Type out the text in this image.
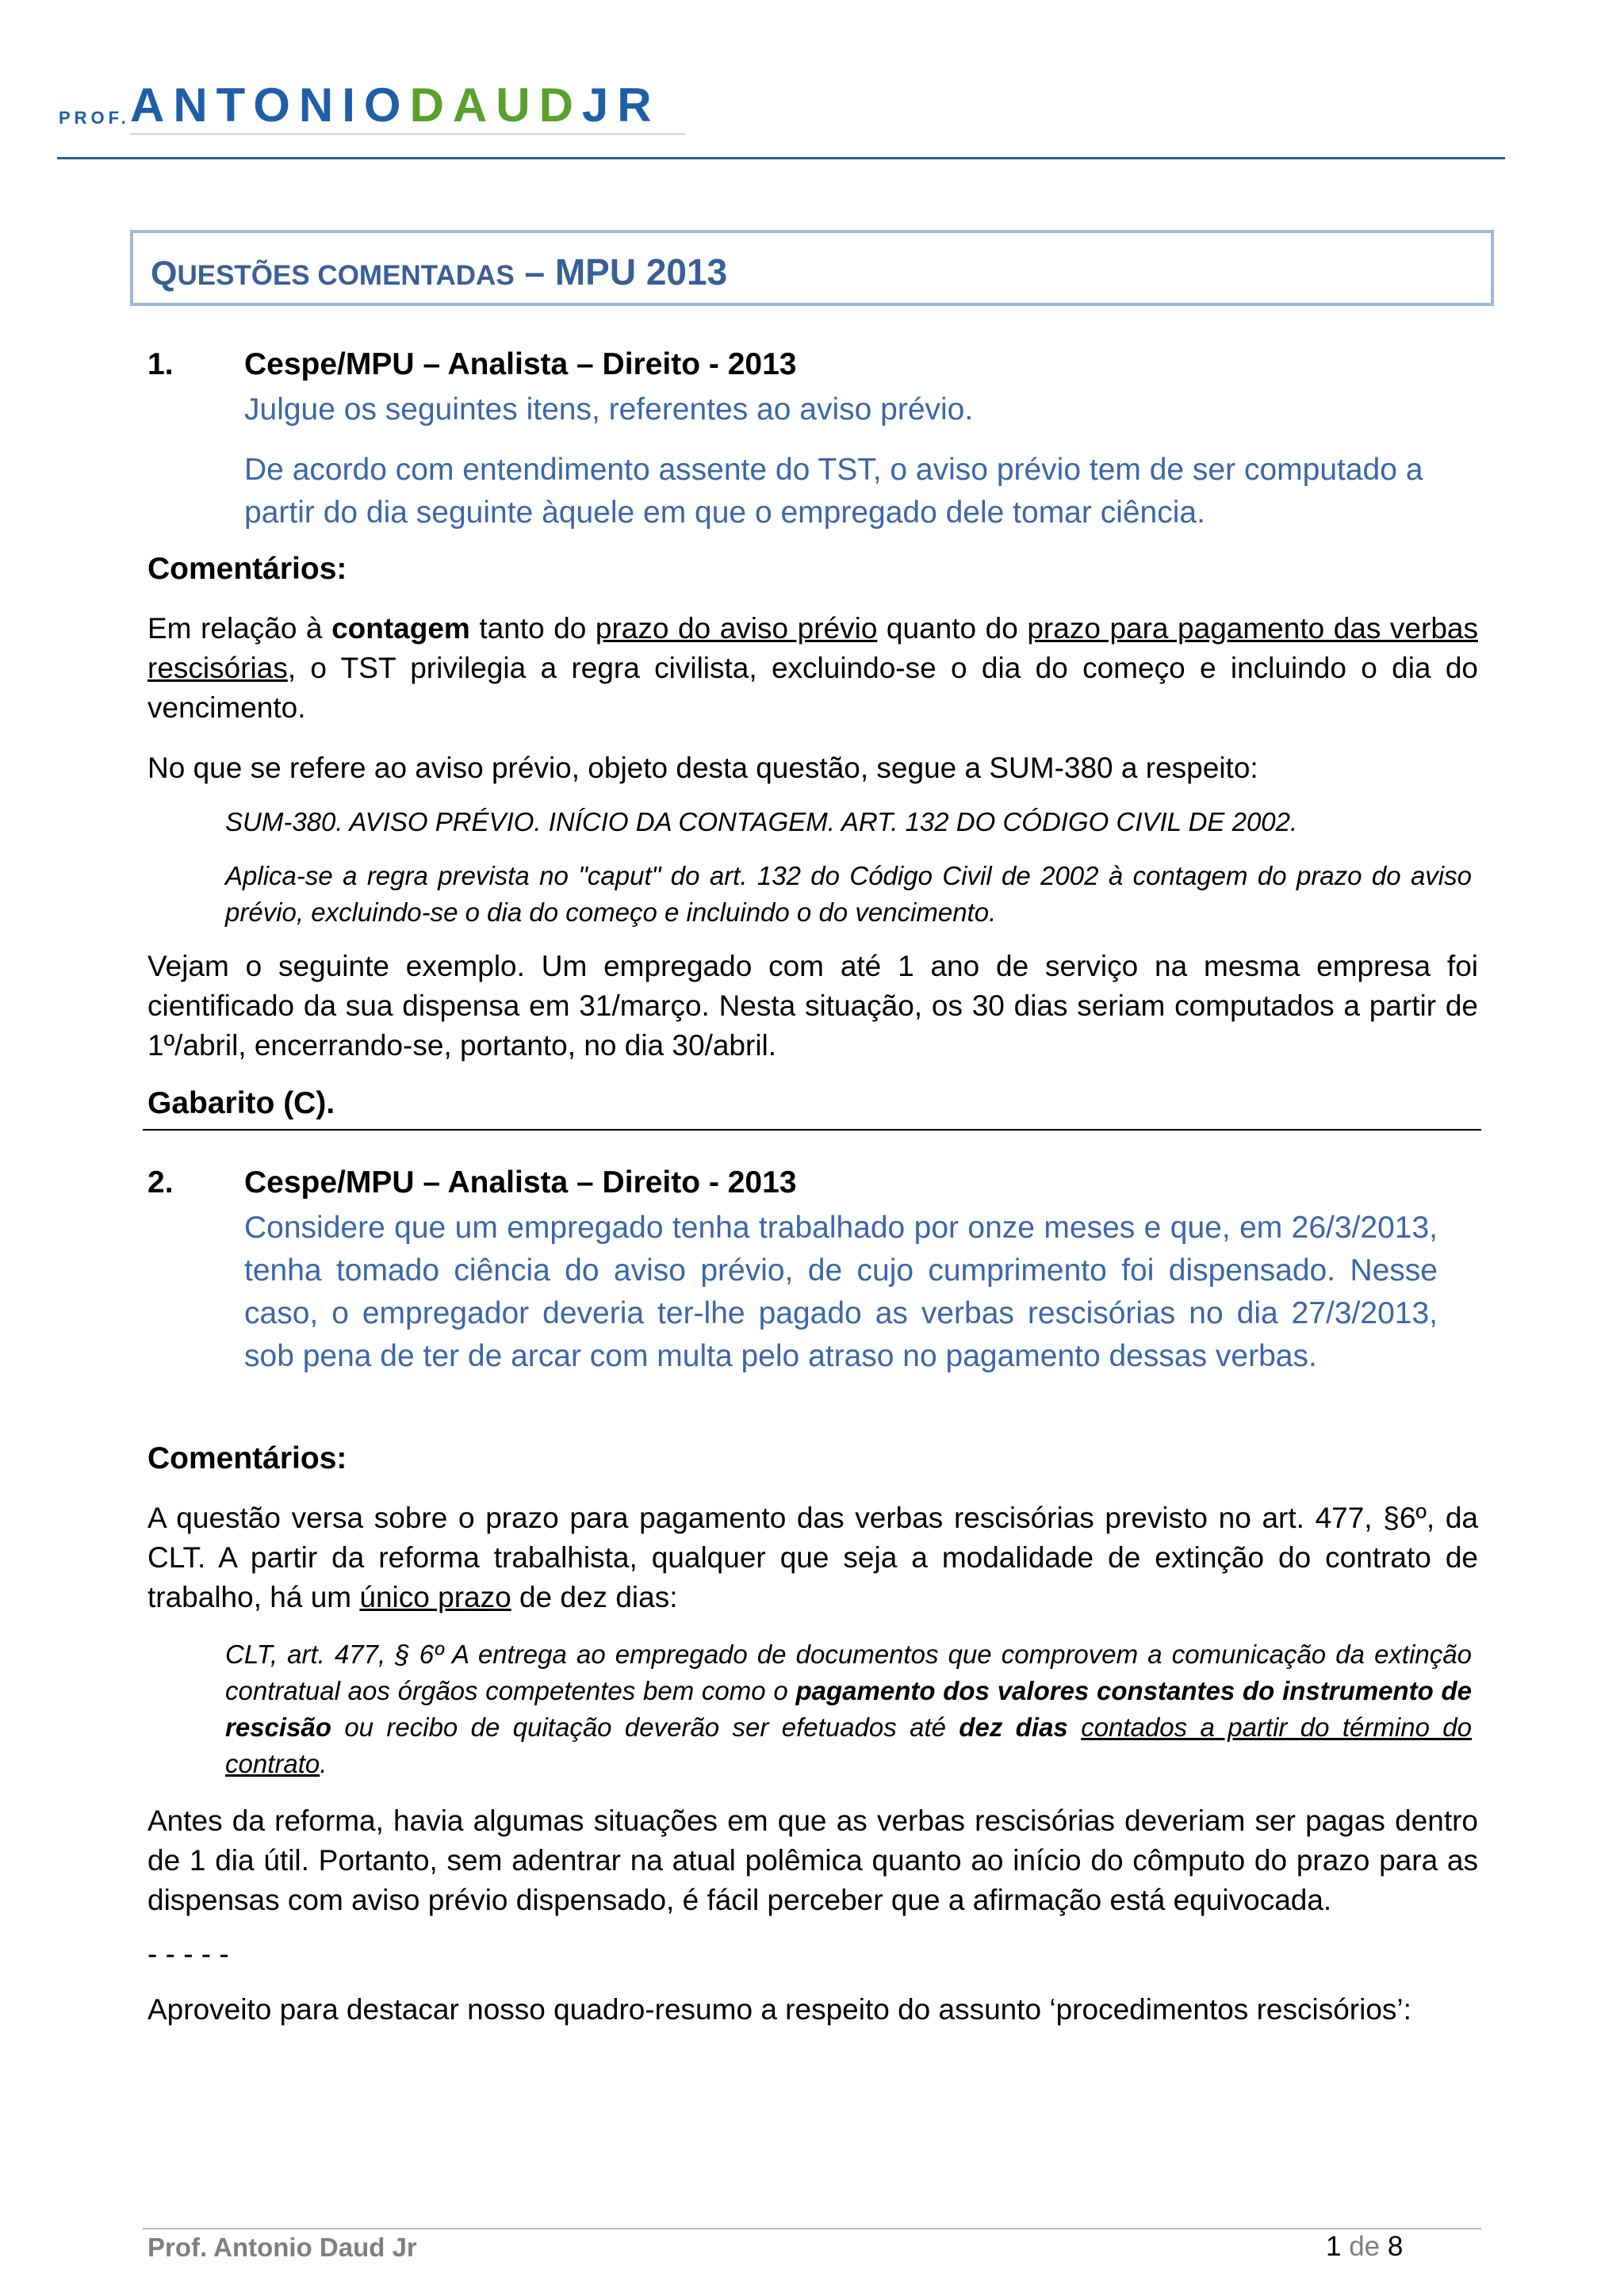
PROF. ANTONIODAUDJR
QUESTÕES COMENTADAS – MPU 2013
1. Cespe/MPU – Analista – Direito - 2013
Julgue os seguintes itens, referentes ao aviso prévio.
De acordo com entendimento assente do TST, o aviso prévio tem de ser computado a partir do dia seguinte àquele em que o empregado dele tomar ciência.
Comentários:
Em relação à contagem tanto do prazo do aviso prévio quanto do prazo para pagamento das verbas rescisórias, o TST privilegia a regra civilista, excluindo-se o dia do começo e incluindo o dia do vencimento.
No que se refere ao aviso prévio, objeto desta questão, segue a SUM-380 a respeito:
SUM-380. AVISO PRÉVIO. INÍCIO DA CONTAGEM. ART. 132 DO CÓDIGO CIVIL DE 2002.
Aplica-se a regra prevista no "caput" do art. 132 do Código Civil de 2002 à contagem do prazo do aviso prévio, excluindo-se o dia do começo e incluindo o do vencimento.
Vejam o seguinte exemplo. Um empregado com até 1 ano de serviço na mesma empresa foi cientificado da sua dispensa em 31/março. Nesta situação, os 30 dias seriam computados a partir de 1º/abril, encerrando-se, portanto, no dia 30/abril.
Gabarito (C).
2. Cespe/MPU – Analista – Direito - 2013
Considere que um empregado tenha trabalhado por onze meses e que, em 26/3/2013, tenha tomado ciência do aviso prévio, de cujo cumprimento foi dispensado. Nesse caso, o empregador deveria ter-lhe pagado as verbas rescisórias no dia 27/3/2013, sob pena de ter de arcar com multa pelo atraso no pagamento dessas verbas.
Comentários:
A questão versa sobre o prazo para pagamento das verbas rescisórias previsto no art. 477, §6º, da CLT. A partir da reforma trabalhista, qualquer que seja a modalidade de extinção do contrato de trabalho, há um único prazo de dez dias:
CLT, art. 477, § 6º A entrega ao empregado de documentos que comprovem a comunicação da extinção contratual aos órgãos competentes bem como o pagamento dos valores constantes do instrumento de rescisão ou recibo de quitação deverão ser efetuados até dez dias contados a partir do término do contrato.
Antes da reforma, havia algumas situações em que as verbas rescisórias deveriam ser pagas dentro de 1 dia útil. Portanto, sem adentrar na atual polêmica quanto ao início do cômputo do prazo para as dispensas com aviso prévio dispensado, é fácil perceber que a afirmação está equivocada.
- - - - -
Aproveito para destacar nosso quadro-resumo a respeito do assunto ‘procedimentos rescisórios’:
Prof. Antonio Daud Jr	1 de 8
